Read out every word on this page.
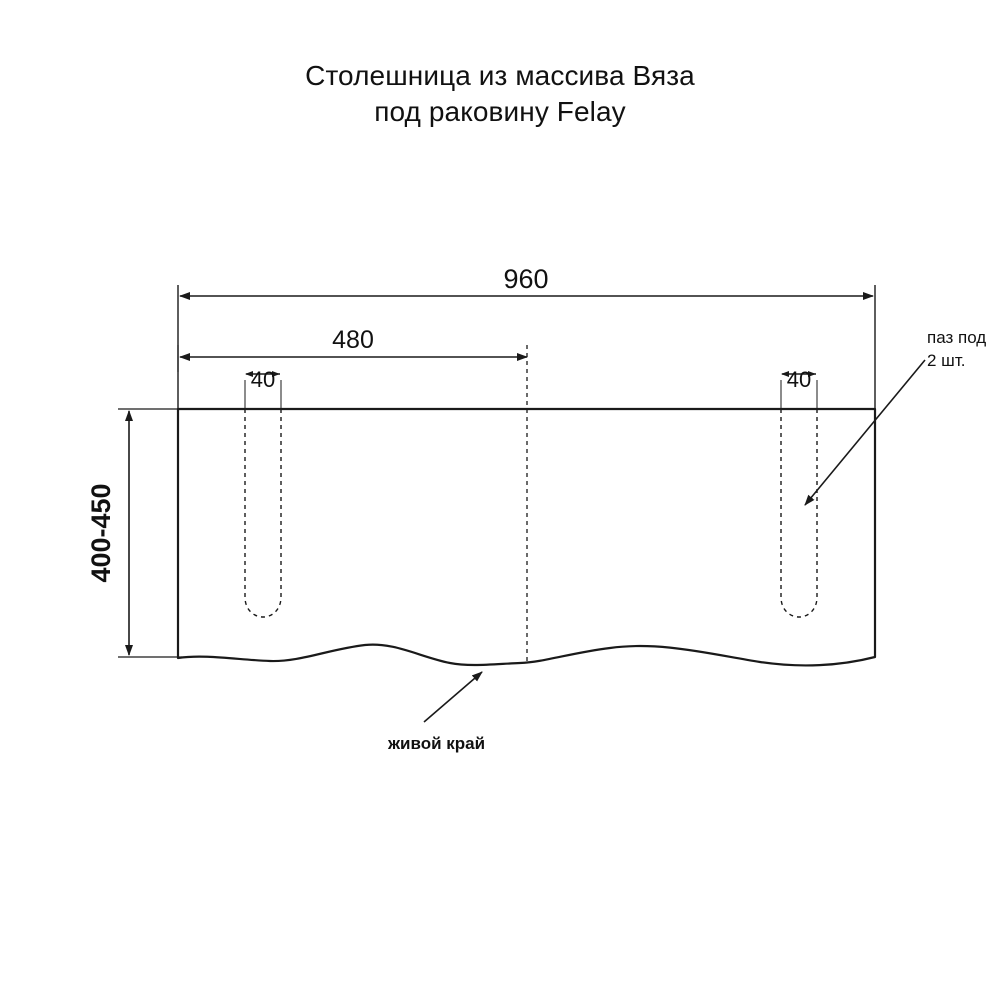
Столешница из массива Вяза
под раковину Felay
960
480
40	40
400-450
паз под
2 шт.
живой край
